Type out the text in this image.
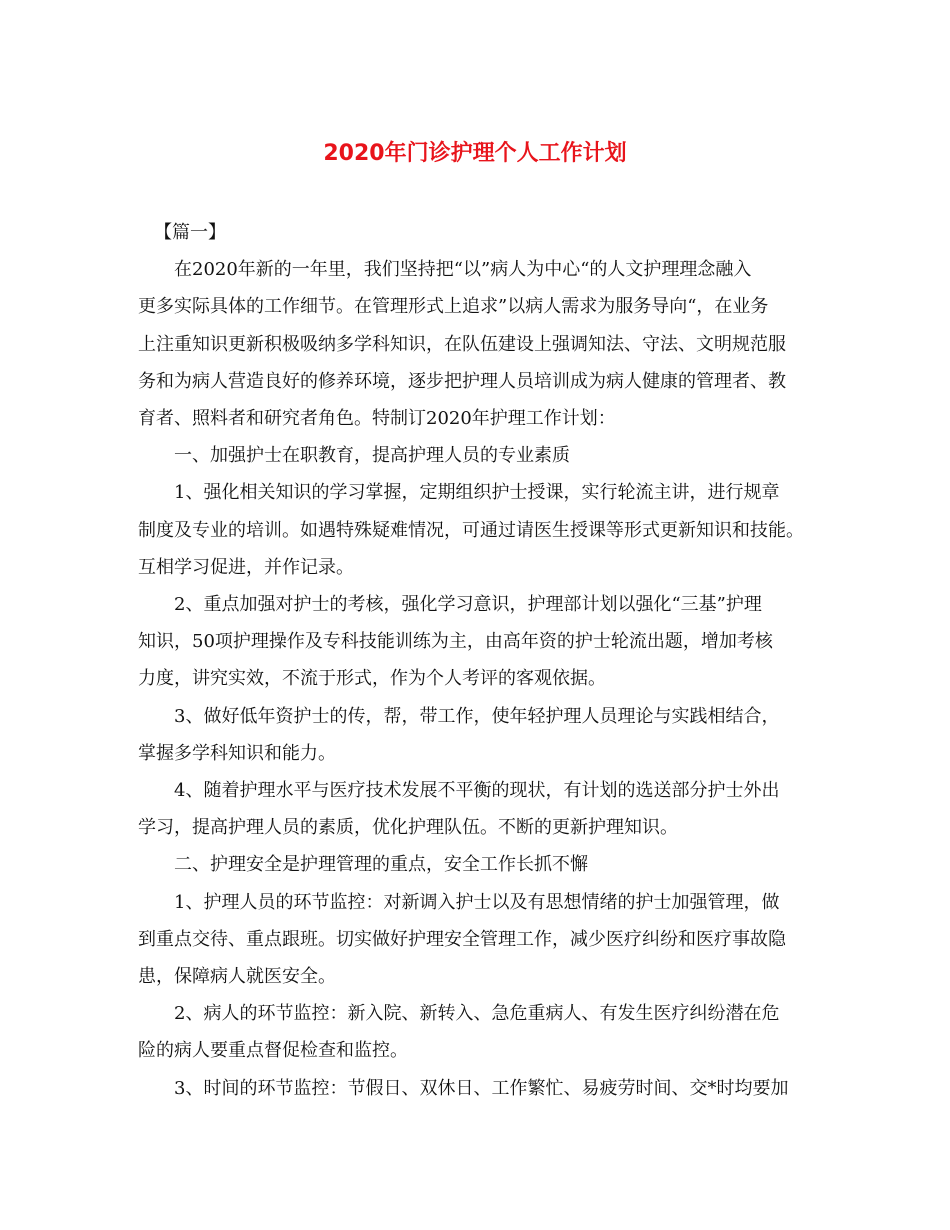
2020年门诊护理个人工作计划
【篇一】
在2020年新的一年里，我们坚持把“以”病人为中心“的人文护理理念融入
更多实际具体的工作细节。在管理形式上追求”以病人需求为服务导向“，在业务
上注重知识更新积极吸纳多学科知识，在队伍建设上强调知法、守法、文明规范服
务和为病人营造良好的修养环境，逐步把护理人员培训成为病人健康的管理者、教
育者、照料者和研究者角色。特制订2020年护理工作计划：
一、加强护士在职教育，提高护理人员的专业素质
1、强化相关知识的学习掌握，定期组织护士授课，实行轮流主讲，进行规章
制度及专业的培训。如遇特殊疑难情况，可通过请医生授课等形式更新知识和技能。
互相学习促进，并作记录。
2、重点加强对护士的考核，强化学习意识，护理部计划以强化“三基”护理
知识，50项护理操作及专科技能训练为主，由高年资的护士轮流出题，增加考核
力度，讲究实效，不流于形式，作为个人考评的客观依据。
3、做好低年资护士的传，帮，带工作，使年轻护理人员理论与实践相结合，
掌握多学科知识和能力。
4、随着护理水平与医疗技术发展不平衡的现状，有计划的选送部分护士外出
学习，提高护理人员的素质，优化护理队伍。不断的更新护理知识。
二、护理安全是护理管理的重点，安全工作长抓不懈
1、护理人员的环节监控：对新调入护士以及有思想情绪的护士加强管理，做
到重点交待、重点跟班。切实做好护理安全管理工作，减少医疗纠纷和医疗事故隐
患，保障病人就医安全。
2、病人的环节监控：新入院、新转入、急危重病人、有发生医疗纠纷潜在危
险的病人要重点督促检查和监控。
3、时间的环节监控：节假日、双休日、工作繁忙、易疲劳时间、交*时均要加
